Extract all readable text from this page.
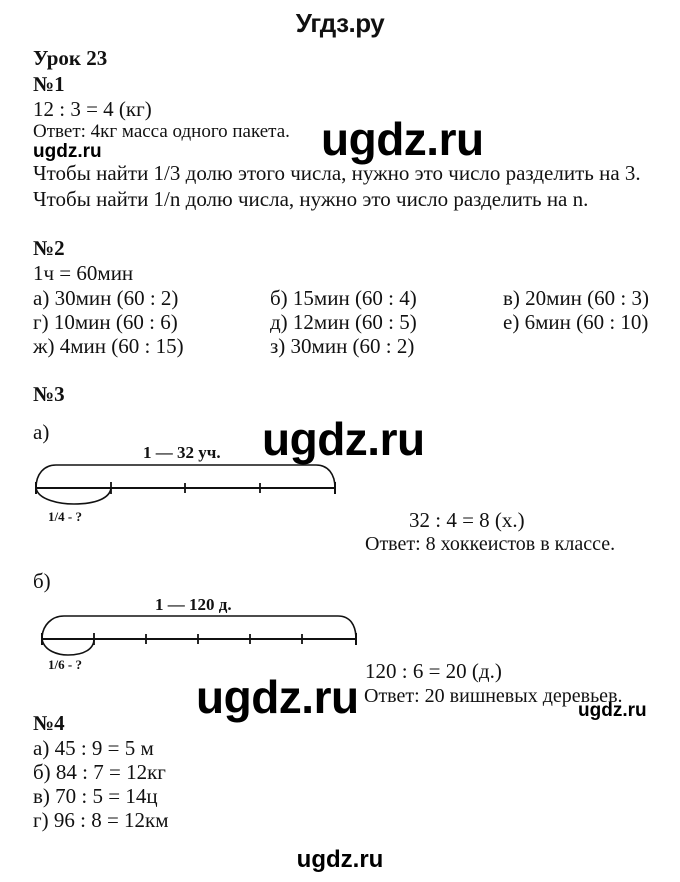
Угдз.ру
Урок 23
№1
12 : 3 = 4 (кг)
Ответ: 4кг масса одного пакета. ugdz.ru
ugdz.ru
Чтобы найти 1/3 долю этого числа, нужно это число разделить на 3.
Чтобы найти 1/n долю числа, нужно это число разделить на n.
№2
1ч = 60мин
а) 30мин (60 : 2)	б) 15мин (60 : 4)	в) 20мин (60 : 3)
г) 10мин (60 : 6)	д) 12мин (60 : 5)	е) 6мин (60 : 10)
ж) 4мин (60 : 15)	з) 30мин (60 : 2)
№3
а)	ugdz.ru
1 — 32 уч.
1/4 - ?	32 : 4 = 8 (х.)
Ответ: 8 хоккеистов в классе.
б)
1 — 120 д.
1/6 - ?	120 : 6 = 20 (д.)
ugdz.ru Ответ: 20 вишневых деревьев.
ugdz.ru
№4
а) 45 : 9 = 5 м
б) 84 : 7 = 12кг
в) 70 : 5 = 14ц
г) 96 : 8 = 12км
ugdz.ru
